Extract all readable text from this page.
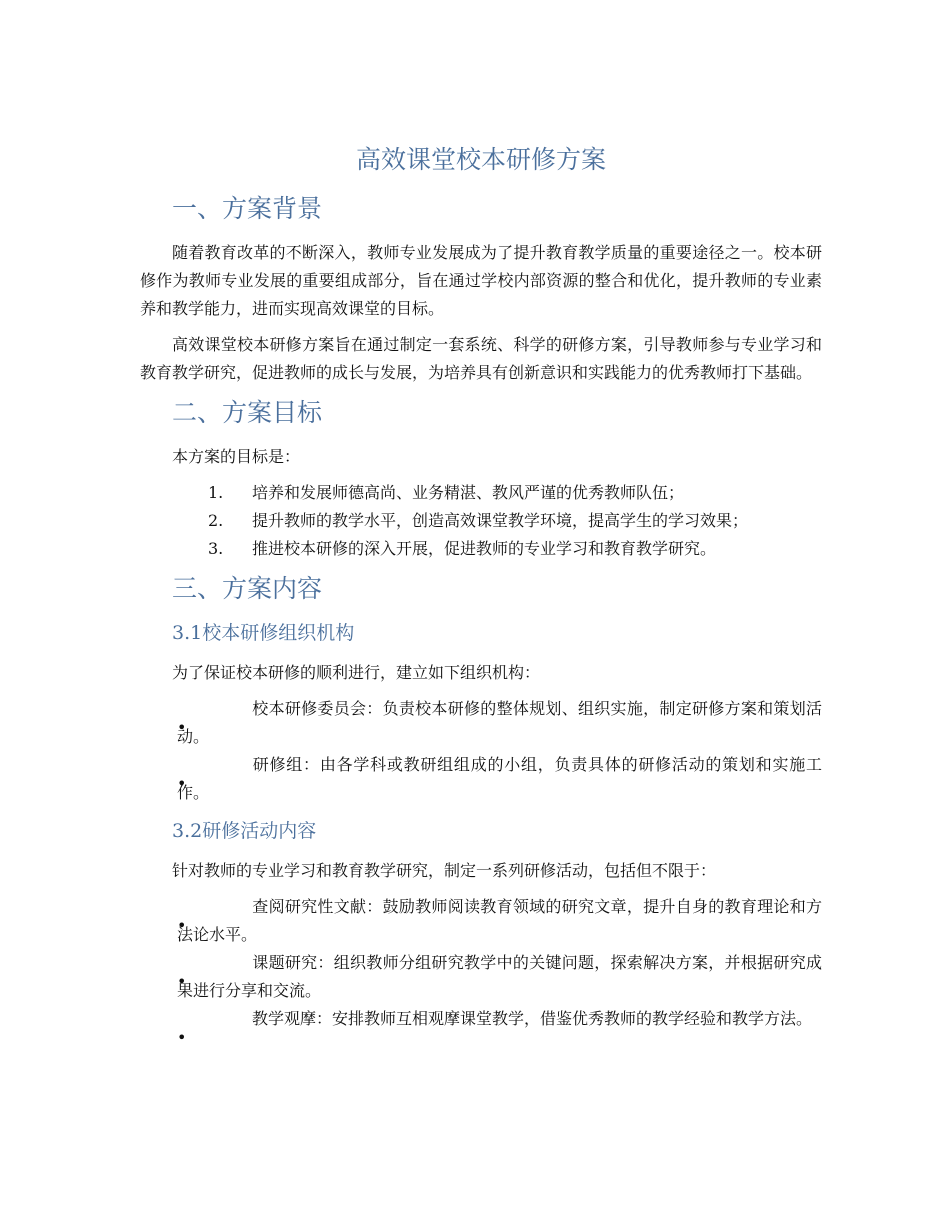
高效课堂校本研修方案
一、方案背景

随着教育改革的不断深入，教师专业发展成为了提升教育教学质量的重要途径之一。校本研修作为教师专业发展的重要组成部分，旨在通过学校内部资源的整合和优化，提升教师的专业素养和教学能力，进而实现高效课堂的目标。

高效课堂校本研修方案旨在通过制定一套系统、科学的研修方案，引导教师参与专业学习和教育教学研究，促进教师的成长与发展，为培养具有创新意识和实践能力的优秀教师打下基础。

二、方案目标

本方案的目标是：

1. 培养和发展师德高尚、业务精湛、教风严谨的优秀教师队伍；
2. 提升教师的教学水平，创造高效课堂教学环境，提高学生的学习效果；
3. 推进校本研修的深入开展，促进教师的专业学习和教育教学研究。
三、方案内容
3.1校本研修组织机构

为了保证校本研修的顺利进行，建立如下组织机构：

校本研修委员会：负责校本研修的整体规划、组织实施，制定研修方案和策划活动。
研修组：由各学科或教研组组成的小组，负责具体的研修活动的策划和实施工作。
3.2研修活动内容

针对教师的专业学习和教育教学研究，制定一系列研修活动，包括但不限于：

查阅研究性文献：鼓励教师阅读教育领域的研究文章，提升自身的教育理论和方法论水平。
课题研究：组织教师分组研究教学中的关键问题，探索解决方案，并根据研究成果进行分享和交流。
教学观摩：安排教师互相观摩课堂教学，借鉴优秀教师的教学经验和教学方法。
